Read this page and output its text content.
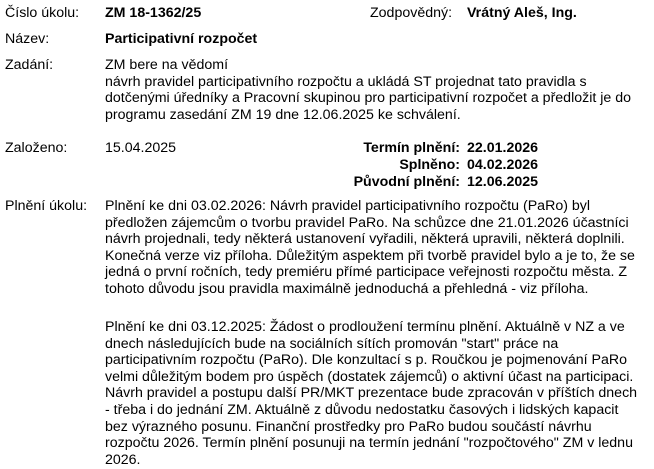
Číslo úkolu: ZM 18-1362/25	Zodpovědný: Vrátný Aleš, Ing.
Název:	Participativní rozpočet
Zadání:	ZM bere na vědomí
návrh pravidel participativního rozpočtu a ukládá ST projednat tato pravidla s
dotčenými úředníky a Pracovní skupinou pro participativní rozpočet a předložit je do
programu zasedání ZM 19 dne 12.06.2025 ke schválení.
Založeno:	15.04.2025	Termín plnění: 22.01.2026
Splněno: 04.02.2026
Původní plnění: 12.06.2025
Plnění úkolu: Plnění ke dni 03.02.2026: Návrh pravidel participativního rozpočtu (PaRo) byl
předložen zájemcům o tvorbu pravidel PaRo. Na schůzce dne 21.01.2026 účastníci
návrh projednali, tedy některá ustanovení vyřadili, některá upravili, některá doplnili.
Konečná verze viz příloha. Důležitým aspektem při tvorbě pravidel bylo a je to, že se
jedná o první ročních, tedy premiéru přímé participace veřejnosti rozpočtu města. Z
tohoto důvodu jsou pravidla maximálně jednoduchá a přehledná - viz příloha.
Plnění ke dni 03.12.2025: Žádost o prodloužení termínu plnění. Aktuálně v NZ a ve
dnech následujících bude na sociálních sítích promován "start" práce na
participativním rozpočtu (PaRo). Dle konzultací s p. Roučkou je pojmenování PaRo
velmi důležitým bodem pro úspěch (dostatek zájemců) o aktivní účast na participaci.
Návrh pravidel a postupu další PR/MKT prezentace bude zpracován v příštích dnech
- třeba i do jednání ZM. Aktuálně z důvodu nedostatku časových i lidských kapacit
bez výrazného posunu. Finanční prostředky pro PaRo budou součástí návrhu
rozpočtu 2026. Termín plnění posunuji na termín jednání "rozpočtového" ZM v lednu
2026.
